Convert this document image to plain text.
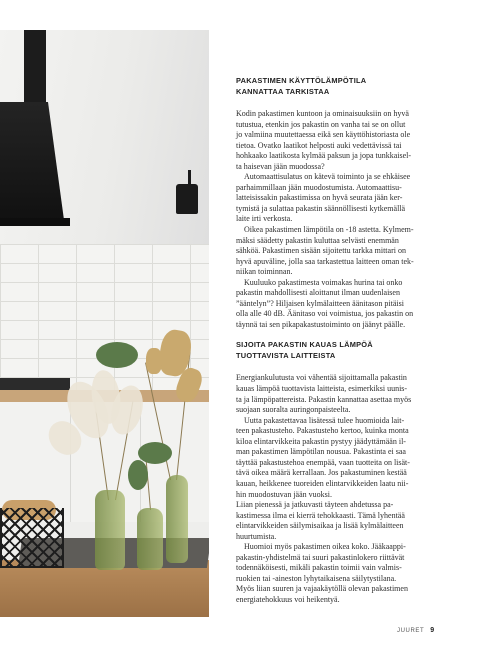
PAKASTIMEN KÄYTTÖLÄMPÖTILA
KANNATTAA TARKISTAA

Kodin pakastimen kuntoon ja ominaisuuksiin on hyvä
tutustua, etenkin jos pakastin on vanha tai se on ollut
jo valmiina muutettaessa eikä sen käyttöhistoriasta ole
tietoa. Ovatko laatikot helposti auki vedettävissä tai
hohkaako laatikosta kylmää paksun ja jopa tunkkaisel-
ta haisevan jään muodossa?

Automaattisulatus on kätevä toiminto ja se ehkäisee
parhaimmillaan jään muodostumista. Automaattisu-
latteisissakin pakastimissa on hyvä seurata jään ker-
tymistä ja sulattaa pakastin säännöllisesti kytkemällä
laite irti verkosta.

Oikea pakastimen lämpötila on -18 astetta. Kylmem-
mäksi säädetty pakastin kuluttaa selvästi enemmän
sähköä. Pakastimen sisään sijoitettu tarkka mittari on
hyvä apuväline, jolla saa tarkastettua laitteen oman tek-
niikan toiminnan.

Kuuluuko pakastimesta voimakas hurina tai onko
pakastin mahdollisesti aloittanut ilman uudenlaisen
”ääntelyn”? Hiljaisen kylmälaitteen äänitason pitäisi
olla alle 40 dB. Äänitaso voi voimistua, jos pakastin on
täynnä tai sen pikapakastustoiminto on jäänyt päälle.

SIJOITA PAKASTIN KAUAS LÄMPÖÄ
TUOTTAVISTA LAITTEISTA

Energiankulutusta voi vähentää sijoittamalla pakastin
kauas lämpöä tuottavista laitteista, esimerkiksi uunis-
ta ja lämpöpattereista. Pakastin kannattaa asettaa myös
suojaan suoralta auringonpaisteelta.

Uutta pakastettavaa lisätessä tulee huomioida lait-
teen pakastusteho. Pakastusteho kertoo, kuinka monta
kiloa elintarvikkeita pakastin pystyy jäädyttämään il-
man pakastimen lämpötilan nousua. Pakastinta ei saa
täyttää pakastustehoa enempää, vaan tuotteita on lisät-
tävä oikea määrä kerrallaan. Jos pakastuminen kestää
kauan, heikkenee tuoreiden elintarvikkeiden laatu nii-
hin muodostuvan jään vuoksi.

Liian pienessä ja jatkuvasti täyteen ahdetussa pa-
kastimessa ilma ei kierrä tehokkaasti. Tämä lyhentää
elintarvikkeiden säilymisaikaa ja lisää kylmälaitteen
huurtumista.

Huomioi myös pakastimen oikea koko. Jääkaappi-
pakastin-yhdistelmä tai suuri pakastinlokero riittävät
todennäköisesti, mikäli pakastin toimii vain valmis-
ruokien tai -aineston lyhytaikaisena säilytystilana.
Myös liian suuren ja vajaakäytöllä olevan pakastimen
energiatehokkuus voi heikentyä.

JUURET 9
